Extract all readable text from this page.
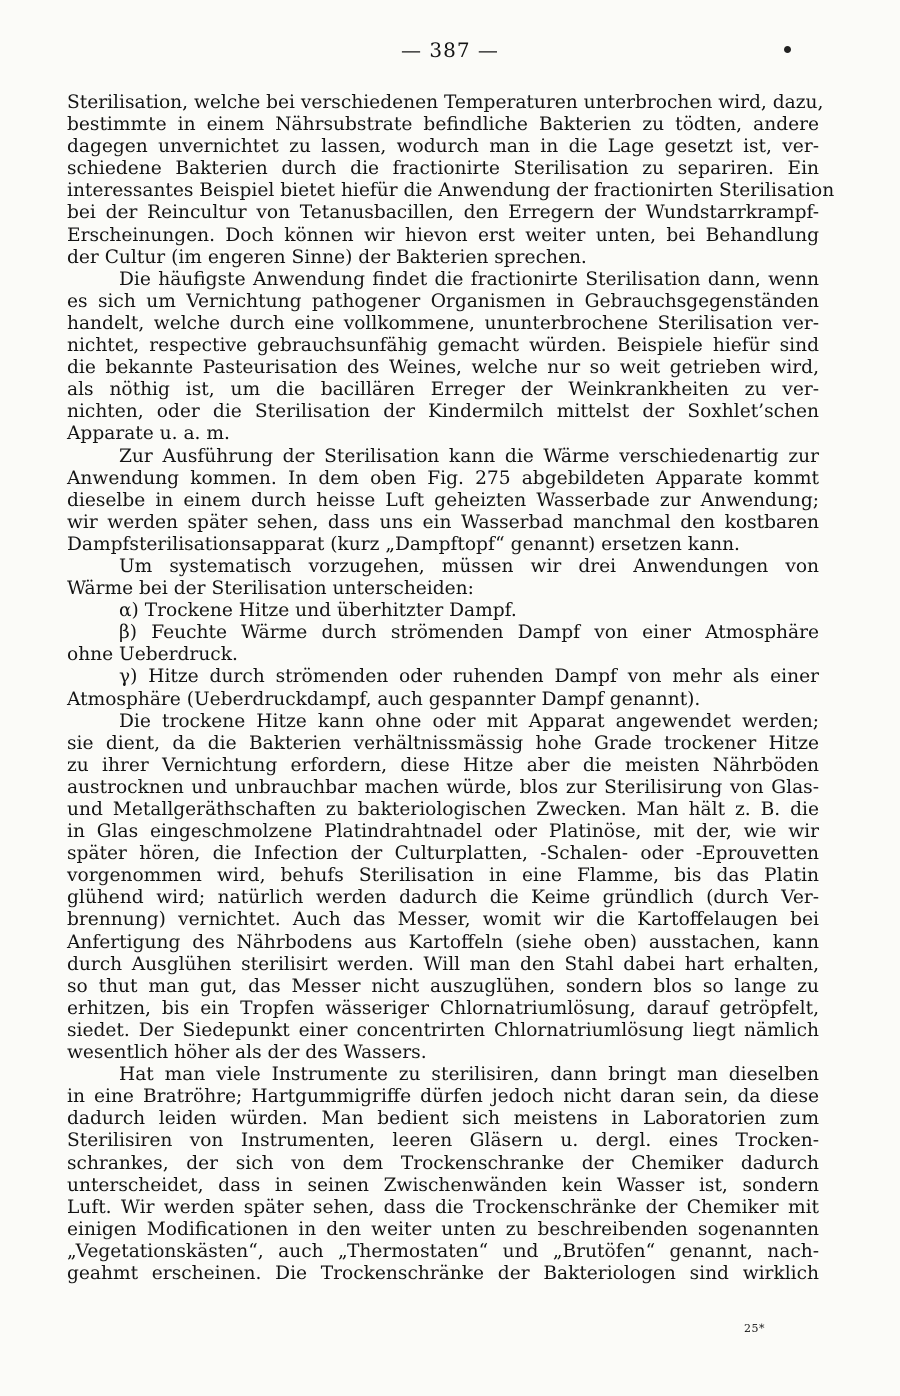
— 387 —
Sterilisation, welche bei verschiedenen Temperaturen unterbrochen wird, dazu,
bestimmte in einem Nährsubstrate befindliche Bakterien zu tödten, andere
dagegen unvernichtet zu lassen, wodurch man in die Lage gesetzt ist, ver-
schiedene Bakterien durch die fractionirte Sterilisation zu separiren. Ein
interessantes Beispiel bietet hiefür die Anwendung der fractionirten Sterilisation
bei der Reincultur von Tetanusbacillen, den Erregern der Wundstarrkrampf-
Erscheinungen. Doch können wir hievon erst weiter unten, bei Behandlung
der Cultur (im engeren Sinne) der Bakterien sprechen.
Die häufigste Anwendung findet die fractionirte Sterilisation dann, wenn
es sich um Vernichtung pathogener Organismen in Gebrauchsgegenständen
handelt, welche durch eine vollkommene, ununterbrochene Sterilisation ver-
nichtet, respective gebrauchsunfähig gemacht würden. Beispiele hiefür sind
die bekannte Pasteurisation des Weines, welche nur so weit getrieben wird,
als nöthig ist, um die bacillären Erreger der Weinkrankheiten zu ver-
nichten, oder die Sterilisation der Kindermilch mittelst der Soxhlet’schen
Apparate u. a. m.
Zur Ausführung der Sterilisation kann die Wärme verschiedenartig zur
Anwendung kommen. In dem oben Fig. 275 abgebildeten Apparate kommt
dieselbe in einem durch heisse Luft geheizten Wasserbade zur Anwendung;
wir werden später sehen, dass uns ein Wasserbad manchmal den kostbaren
Dampfsterilisationsapparat (kurz „Dampftopf“ genannt) ersetzen kann.
Um systematisch vorzugehen, müssen wir drei Anwendungen von
Wärme bei der Sterilisation unterscheiden:
α) Trockene Hitze und überhitzter Dampf.
β) Feuchte Wärme durch strömenden Dampf von einer Atmosphäre
ohne Ueberdruck.
γ) Hitze durch strömenden oder ruhenden Dampf von mehr als einer
Atmosphäre (Ueberdruckdampf, auch gespannter Dampf genannt).
Die trockene Hitze kann ohne oder mit Apparat angewendet werden;
sie dient, da die Bakterien verhältnissmässig hohe Grade trockener Hitze
zu ihrer Vernichtung erfordern, diese Hitze aber die meisten Nährböden
austrocknen und unbrauchbar machen würde, blos zur Sterilisirung von Glas-
und Metallgeräthschaften zu bakteriologischen Zwecken. Man hält z. B. die
in Glas eingeschmolzene Platindrahtnadel oder Platinöse, mit der, wie wir
später hören, die Infection der Culturplatten, -Schalen- oder -Eprouvetten
vorgenommen wird, behufs Sterilisation in eine Flamme, bis das Platin
glühend wird; natürlich werden dadurch die Keime gründlich (durch Ver-
brennung) vernichtet. Auch das Messer, womit wir die Kartoffelaugen bei
Anfertigung des Nährbodens aus Kartoffeln (siehe oben) ausstachen, kann
durch Ausglühen sterilisirt werden. Will man den Stahl dabei hart erhalten,
so thut man gut, das Messer nicht auszuglühen, sondern blos so lange zu
erhitzen, bis ein Tropfen wässeriger Chlornatriumlösung, darauf getröpfelt,
siedet. Der Siedepunkt einer concentrirten Chlornatriumlösung liegt nämlich
wesentlich höher als der des Wassers.
Hat man viele Instrumente zu sterilisiren, dann bringt man dieselben
in eine Bratröhre; Hartgummigriffe dürfen jedoch nicht daran sein, da diese
dadurch leiden würden. Man bedient sich meistens in Laboratorien zum
Sterilisiren von Instrumenten, leeren Gläsern u. dergl. eines Trocken-
schrankes, der sich von dem Trockenschranke der Chemiker dadurch
unterscheidet, dass in seinen Zwischenwänden kein Wasser ist, sondern
Luft. Wir werden später sehen, dass die Trockenschränke der Chemiker mit
einigen Modificationen in den weiter unten zu beschreibenden sogenannten
„Vegetationskästen“, auch „Thermostaten“ und „Brutöfen“ genannt, nach-
geahmt erscheinen. Die Trockenschränke der Bakteriologen sind wirklich
25*
